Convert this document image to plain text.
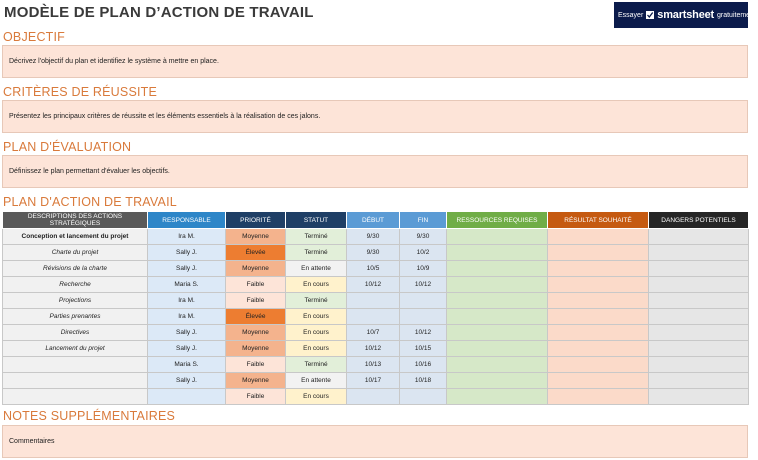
MODÈLE DE PLAN D’ACTION DE TRAVAIL	Essayer smartsheet gratuitement.
OBJECTIF
Décrivez l'objectif du plan et identifiez le système à mettre en place.
CRITÈRES DE RÉUSSITE
Présentez les principaux critères de réussite et les éléments essentiels à la réalisation de ces jalons.
PLAN D'ÉVALUATION
Définissez le plan permettant d'évaluer les objectifs.
PLAN D'ACTION DE TRAVAIL
DESCRIPTIONS DES ACTIONS STRATÉGIQUES	RESPONSABLE	PRIORITÉ	STATUT	DÉBUT	FIN	RESSOURCES REQUISES	RÉSULTAT SOUHAITÉ	DANGERS POTENTIELS
Conception et lancement du projet	Ira M.	Moyenne	Terminé	9/30	9/30			
Charte du projet	Sally J.	Élevée	Terminé	9/30	10/2			
Révisions de la charte	Sally J.	Moyenne	En attente	10/5	10/9			
Recherche	Maria S.	Faible	En cours	10/12	10/12			
Projections	Ira M.	Faible	Terminé					
Parties prenantes	Ira M.	Élevée	En cours					
Directives	Sally J.	Moyenne	En cours	10/7	10/12			
Lancement du projet	Sally J.	Moyenne	En cours	10/12	10/15			
	Maria S.	Faible	Terminé	10/13	10/16			
	Sally J.	Moyenne	En attente	10/17	10/18			
		Faible	En cours					
NOTES SUPPLÉMENTAIRES
Commentaires
